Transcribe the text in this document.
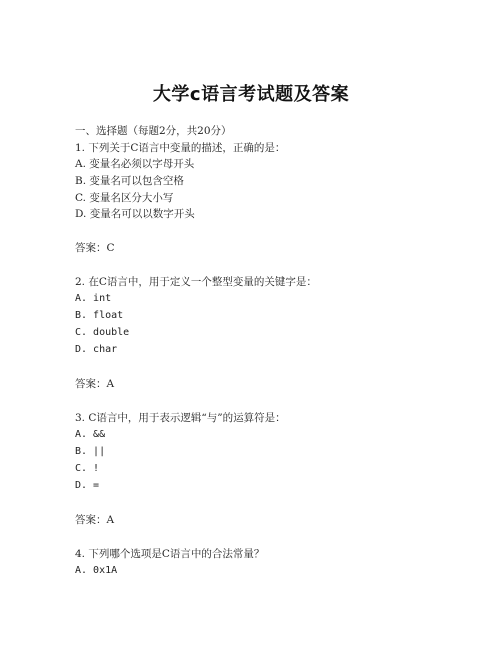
大学c语言考试题及答案
一、选择题（每题2分，共20分）
1. 下列关于C语言中变量的描述，正确的是：
A. 变量名必须以字母开头
B. 变量名可以包含空格
C. 变量名区分大小写
D. 变量名可以以数字开头
答案：C
2. 在C语言中，用于定义一个整型变量的关键字是：
A. int
B. float
C. double
D. char
答案：A
3. C语言中，用于表示逻辑“与”的运算符是：
A. &&
B. ||
C. !
D. =
答案：A
4. 下列哪个选项是C语言中的合法常量？
A. 0x1A
